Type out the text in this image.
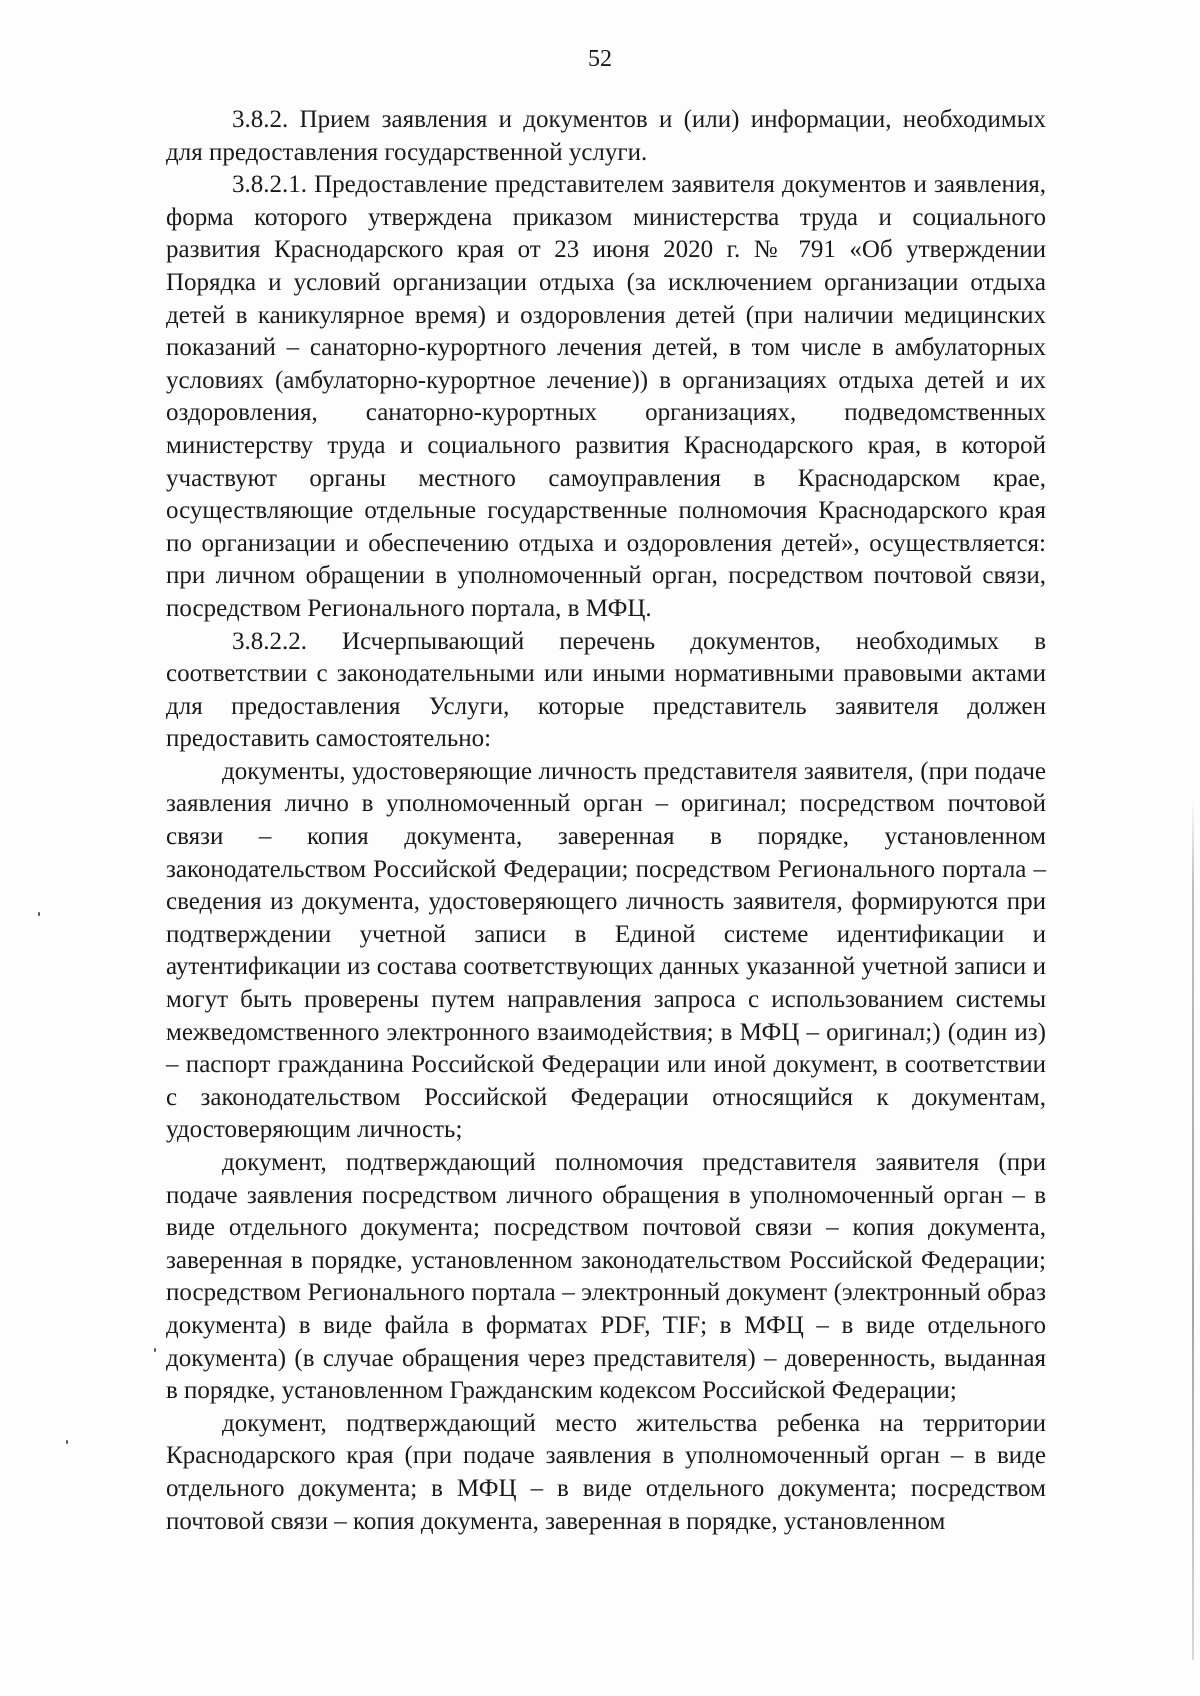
52

3.8.2. Прием заявления и документов и (или) информации, необходимых для предоставления государственной услуги.

3.8.2.1. Предоставление представителем заявителя документов и заявления, форма которого утверждена приказом министерства труда и социального развития Краснодарского края от 23 июня 2020 г. № 791 «Об утверждении Порядка и условий организации отдыха (за исключением организации отдыха детей в каникулярное время) и оздоровления детей (при наличии медицинских показаний – санаторно-курортного лечения детей, в том числе в амбулаторных условиях (амбулаторно-курортное лечение)) в организациях отдыха детей и их оздоровления, санаторно-курортных организациях, подведомственных министерству труда и социального развития Краснодарского края, в которой участвуют органы местного самоуправления в Краснодарском крае, осуществляющие отдельные государственные полномочия Краснодарского края по организации и обеспечению отдыха и оздоровления детей», осуществляется: при личном обращении в уполномоченный орган, посредством почтовой связи, посредством Регионального портала, в МФЦ.

3.8.2.2. Исчерпывающий перечень документов, необходимых в соответствии с законодательными или иными нормативными правовыми актами для предоставления Услуги, которые представитель заявителя должен предоставить самостоятельно:

документы, удостоверяющие личность представителя заявителя, (при подаче заявления лично в уполномоченный орган – оригинал; посредством почтовой связи – копия документа, заверенная в порядке, установленном законодательством Российской Федерации; посредством Регионального портала – сведения из документа, удостоверяющего личность заявителя, формируются при подтверждении учетной записи в Единой системе идентификации и аутентификации из состава соответствующих данных указанной учетной записи и могут быть проверены путем направления запроса с использованием системы межведомственного электронного взаимодействия; в МФЦ – оригинал;) (один из) – паспорт гражданина Российской Федерации или иной документ, в соответствии с законодательством Российской Федерации относящийся к документам, удостоверяющим личность;

документ, подтверждающий полномочия представителя заявителя (при подаче заявления посредством личного обращения в уполномоченный орган – в виде отдельного документа; посредством почтовой связи – копия документа, заверенная в порядке, установленном законодательством Российской Федерации; посредством Регионального портала – электронный документ (электронный образ документа) в виде файла в форматах PDF, TIF; в МФЦ – в виде отдельного документа) (в случае обращения через представителя) – доверенность, выданная в порядке, установленном Гражданским кодексом Российской Федерации;

документ, подтверждающий место жительства ребенка на территории Краснодарского края (при подаче заявления в уполномоченный орган – в виде отдельного документа; в МФЦ – в виде отдельного документа; посредством почтовой связи – копия документа, заверенная в порядке, установленном
